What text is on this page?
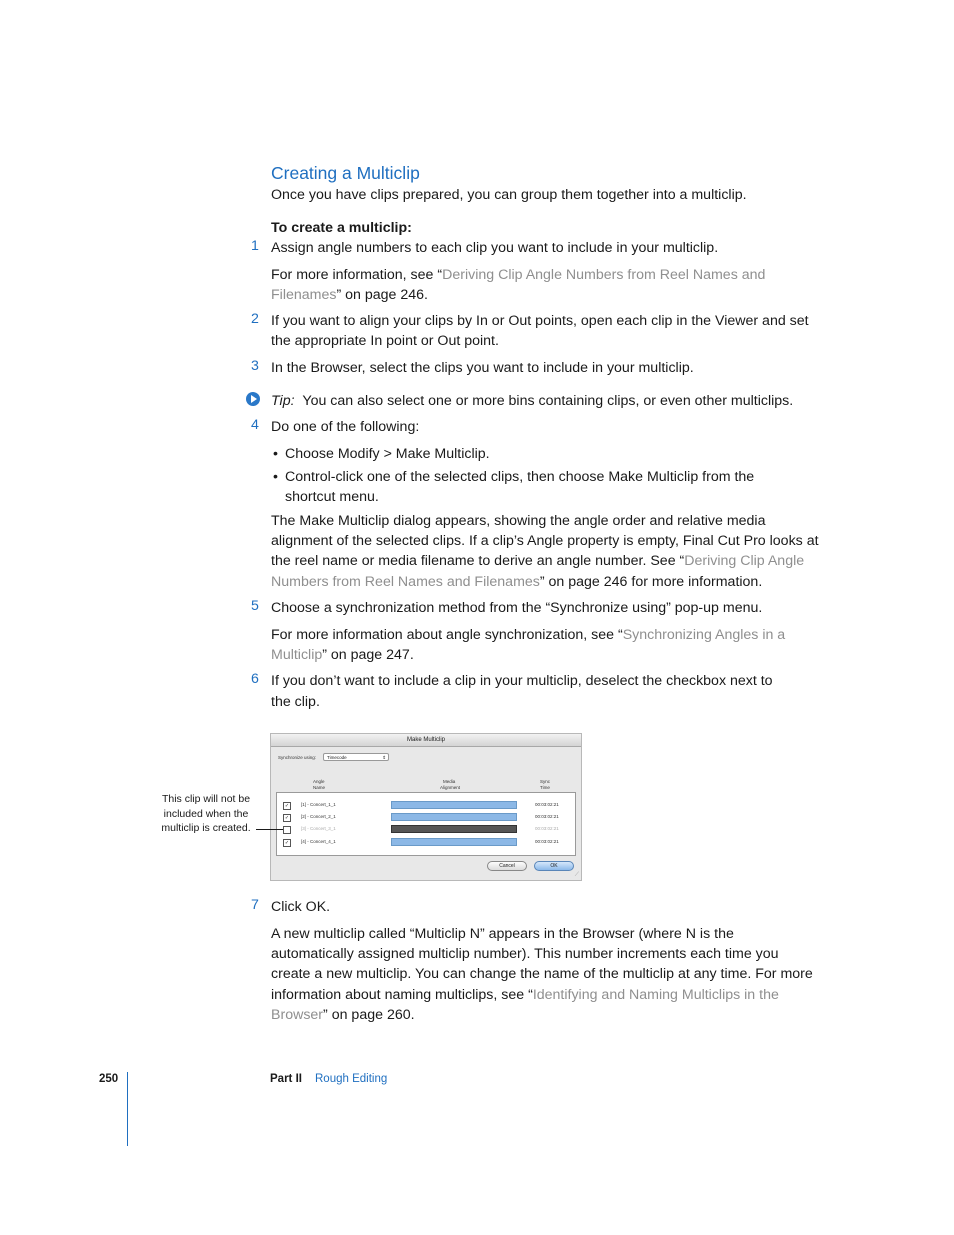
Creating a Multiclip
Once you have clips prepared, you can group them together into a multiclip.
To create a multiclip:
1 Assign angle numbers to each clip you want to include in your multiclip.
For more information, see “Deriving Clip Angle Numbers from Reel Names and
Filenames” on page 246.
2 If you want to align your clips by In or Out points, open each clip in the Viewer and set
the appropriate In point or Out point.
3 In the Browser, select the clips you want to include in your multiclip.
Tip: You can also select one or more bins containing clips, or even other multiclips.
4 Do one of the following:
• Choose Modify > Make Multiclip.
• Control-click one of the selected clips, then choose Make Multiclip from the
shortcut menu.
The Make Multiclip dialog appears, showing the angle order and relative media
alignment of the selected clips. If a clip’s Angle property is empty, Final Cut Pro looks at
the reel name or media filename to derive an angle number. See “Deriving Clip Angle
Numbers from Reel Names and Filenames” on page 246 for more information.
5 Choose a synchronization method from the “Synchronize using” pop-up menu.
For more information about angle synchronization, see “Synchronizing Angles in a
Multiclip” on page 247.
6 If you don’t want to include a clip in your multiclip, deselect the checkbox next to
the clip.
Make Multiclip
Synchronize using:	Timecode	⇕
Angle
Name
Media
Alignment
Sync
Time
✓	[1] - Concert_1_1	00:03:02:21
✓	[2] - Concert_2_1	00:03:02:21
[3] - Concert_3_1	00:03:02:21
✓	[4] - Concert_4_1	00:03:02:21
Cancel	OK
⟋
This clip will not be
included when the
multiclip is created.
7 Click OK.
A new multiclip called “Multiclip N” appears in the Browser (where N is the
automatically assigned multiclip number). This number increments each time you
create a new multiclip. You can change the name of the multiclip at any time. For more
information about naming multiclips, see “Identifying and Naming Multiclips in the
Browser” on page 260.
250	Part II Rough Editing
